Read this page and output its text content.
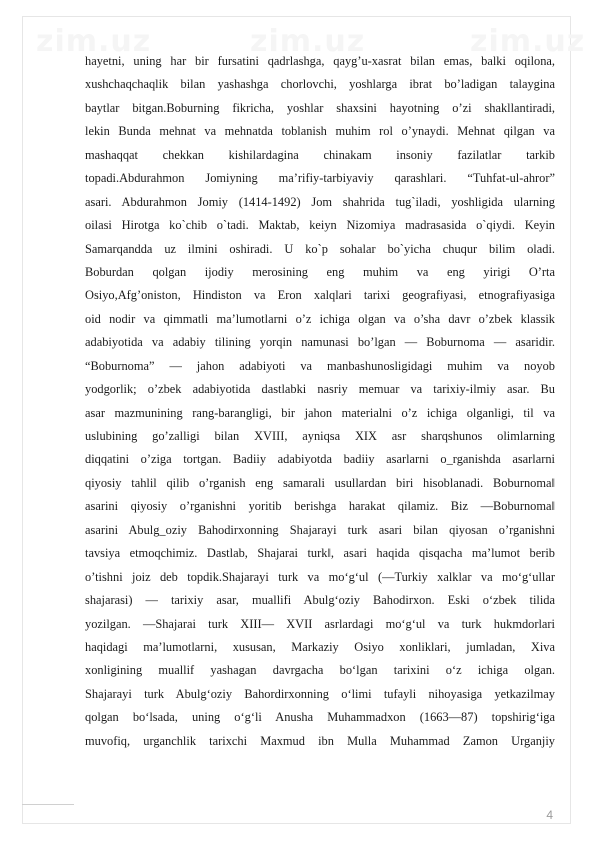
zim.uz	zim.uz	zim.uz
hayetni, uning har bir fursatini qadrlashga, qayg’u-xasrat bilan emas, balki oqilona,
xushchaqchaqlik bilan yashashga chorlovchi, yoshlarga ibrat bo’ladigan talaygina
baytlar bitgan.Boburning fikricha, yoshlar shaxsini hayotning o’zi shakllantiradi,
lekin Bunda mehnat va mehnatda toblanish muhim rol o’ynaydi. Mehnat qilgan va
mashaqqat chekkan kishilardagina chinakam insoniy fazilatlar tarkib
topadi.Abdurahmon Jomiyning ma’rifiy-tarbiyaviy qarashlari. “Tuhfat-ul-ahror”
asari. Abdurahmon Jomiy (1414-1492) Jom shahrida tug`iladi, yoshligida ularning
oilasi Hirotga ko`chib o`tadi. Maktab, keiyn Nizomiya madrasasida o`qiydi. Keyin
Samarqandda uz ilmini oshiradi. U ko`p sohalar bo`yicha chuqur bilim oladi.
Boburdan qolgan ijodiy merosining eng muhim va eng yirigi O’rta
Osiyo,Afg’oniston, Hindiston va Eron xalqlari tarixi geografiyasi, etnografiyasiga
oid nodir va qimmatli ma’lumotlarni o’z ichiga olgan va o’sha davr o’zbek klassik
adabiyotida va adabiy tilining yorqin namunasi bo’lgan — Boburnoma — asaridir.
“Boburnoma” — jahon adabiyoti va manbashunosligidagi muhim va noyob
yodgorlik; o’zbek adabiyotida dastlabki nasriy memuar va tarixiy-ilmiy asar. Bu
asar mazmunining rang-barangligi, bir jahon materialni o’z ichiga olganligi, til va
uslubining go’zalligi bilan XVIII, ayniqsa XIX asr sharqshunos olimlarning
diqqatini o’ziga tortgan. Badiiy adabiyotda badiiy asarlarni o_rganishda asarlarni
qiyosiy tahlil qilib o’rganish eng samarali usullardan biri hisoblanadi. Boburnoma‖
asarini qiyosiy o’rganishni yoritib berishga harakat qilamiz. Biz ―Boburnoma‖
asarini Abulg_oziy Bahodirxonning Shajarayi turk asari bilan qiyosan o’rganishni
tavsiya etmoqchimiz. Dastlab, Shajarai turk‖, asari haqida qisqacha ma’lumot berib
o’tishni joiz deb topdik.Shajarayi turk va moʻgʻul (―Turkiy xalklar va moʻgʻullar
shajarasi) — tarixiy asar, muallifi Abulgʻoziy Bahodirxon. Eski oʻzbek tilida
yozilgan. ―Shajarai turk XIII— XVII asrlardagi moʻgʻul va turk hukmdorlari
haqidagi maʼlumotlarni, xususan, Markaziy Osiyo xonliklari, jumladan, Xiva
xonligining muallif yashagan davrgacha boʻlgan tarixini oʻz ichiga olgan.
Shajarayi turk Abulgʻoziy Bahordirxonning oʻlimi tufayli nihoyasiga yetkazilmay
qolgan boʻlsada, uning oʻgʻli Anusha Muhammadxon (1663—87) topshirigʻiga
muvofiq, urganchlik tarixchi Maxmud ibn Mulla Muhammad Zamon Urganjiy
4
